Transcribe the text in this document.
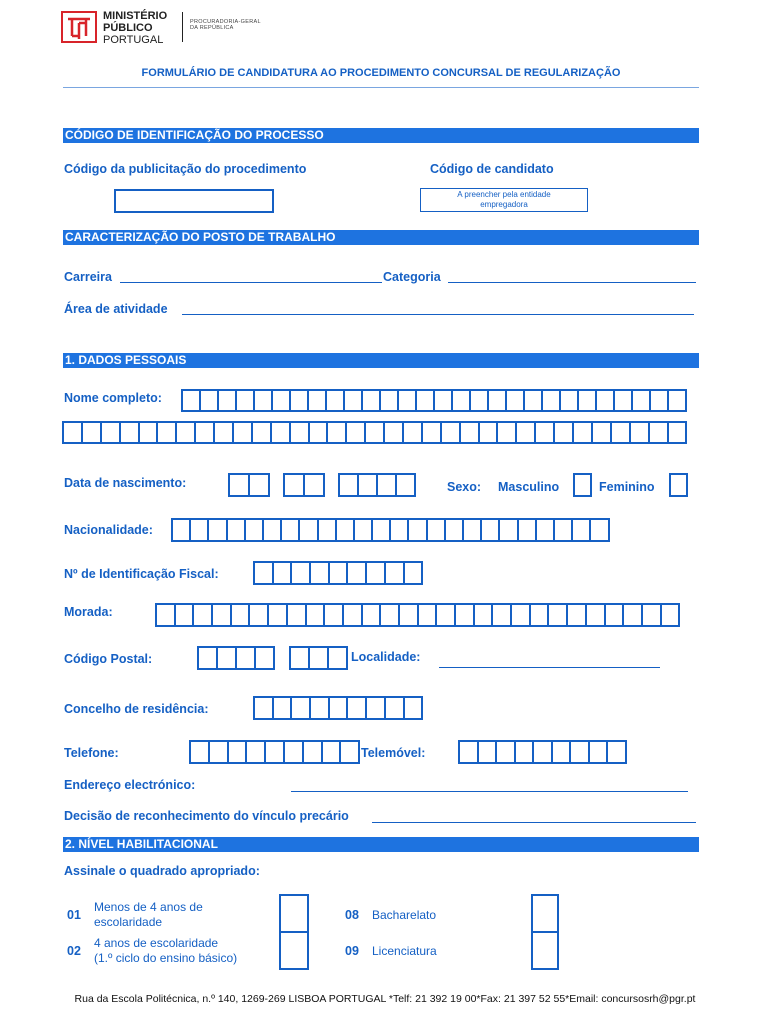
MINISTÉRIO
PÚBLICO
PORTUGAL
PROCURADORIA-GERAL
DA REPÚBLICA
FORMULÁRIO DE CANDIDATURA AO PROCEDIMENTO CONCURSAL DE REGULARIZAÇÃO
CÓDIGO DE IDENTIFICAÇÃO DO PROCESSO
Código da publicitação do procedimento	Código de candidato
A preencher pela entidade empregadora
CARACTERIZAÇÃO DO POSTO DE TRABALHO
Carreira	Categoria
Área de atividade
1. DADOS PESSOAIS
Nome completo:
Data de nascimento:	Sexo: Masculino	Feminino
Nacionalidade:
Nº de Identificação Fiscal:
Morada:
Código Postal:	Localidade:
Concelho de residência:
Telefone:	Telemóvel:
Endereço electrónico:
Decisão de reconhecimento do vínculo precário
2. NÍVEL HABILITACIONAL
Assinale o quadrado apropriado:
01
Menos de 4 anos de
escolaridade
02
4 anos de escolaridade
(1.º ciclo do ensino básico)
08 Bacharelato
09 Licenciatura
Rua da Escola Politécnica, n.º 140, 1269-269 LISBOA PORTUGAL *Telf: 21 392 19 00*Fax: 21 397 52 55*Email: concursosrh@pgr.pt
